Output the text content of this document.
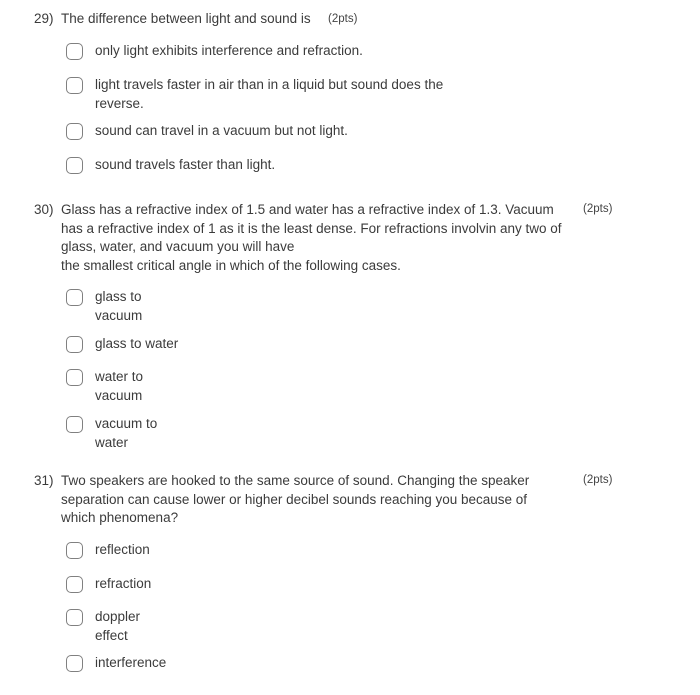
29) The difference between light and sound is	(2pts)
only light exhibits interference and refraction.
light travels faster in air than in a liquid but sound does the
reverse.
sound can travel in a vacuum but not light.
sound travels faster than light.
30) Glass has a refractive index of 1.5 and water has a refractive index of 1.3. Vacuum
has a refractive index of 1 as it is the least dense. For refractions involvin any two of
glass, water, and vacuum you will have
the smallest critical angle in which of the following cases.
(2pts)
glass to
vacuum
glass to water
water to
vacuum
vacuum to
water
31) Two speakers are hooked to the same source of sound. Changing the speaker
separation can cause lower or higher decibel sounds reaching you because of
which phenomena?
(2pts)
reflection
refraction
doppler
effect
interference
